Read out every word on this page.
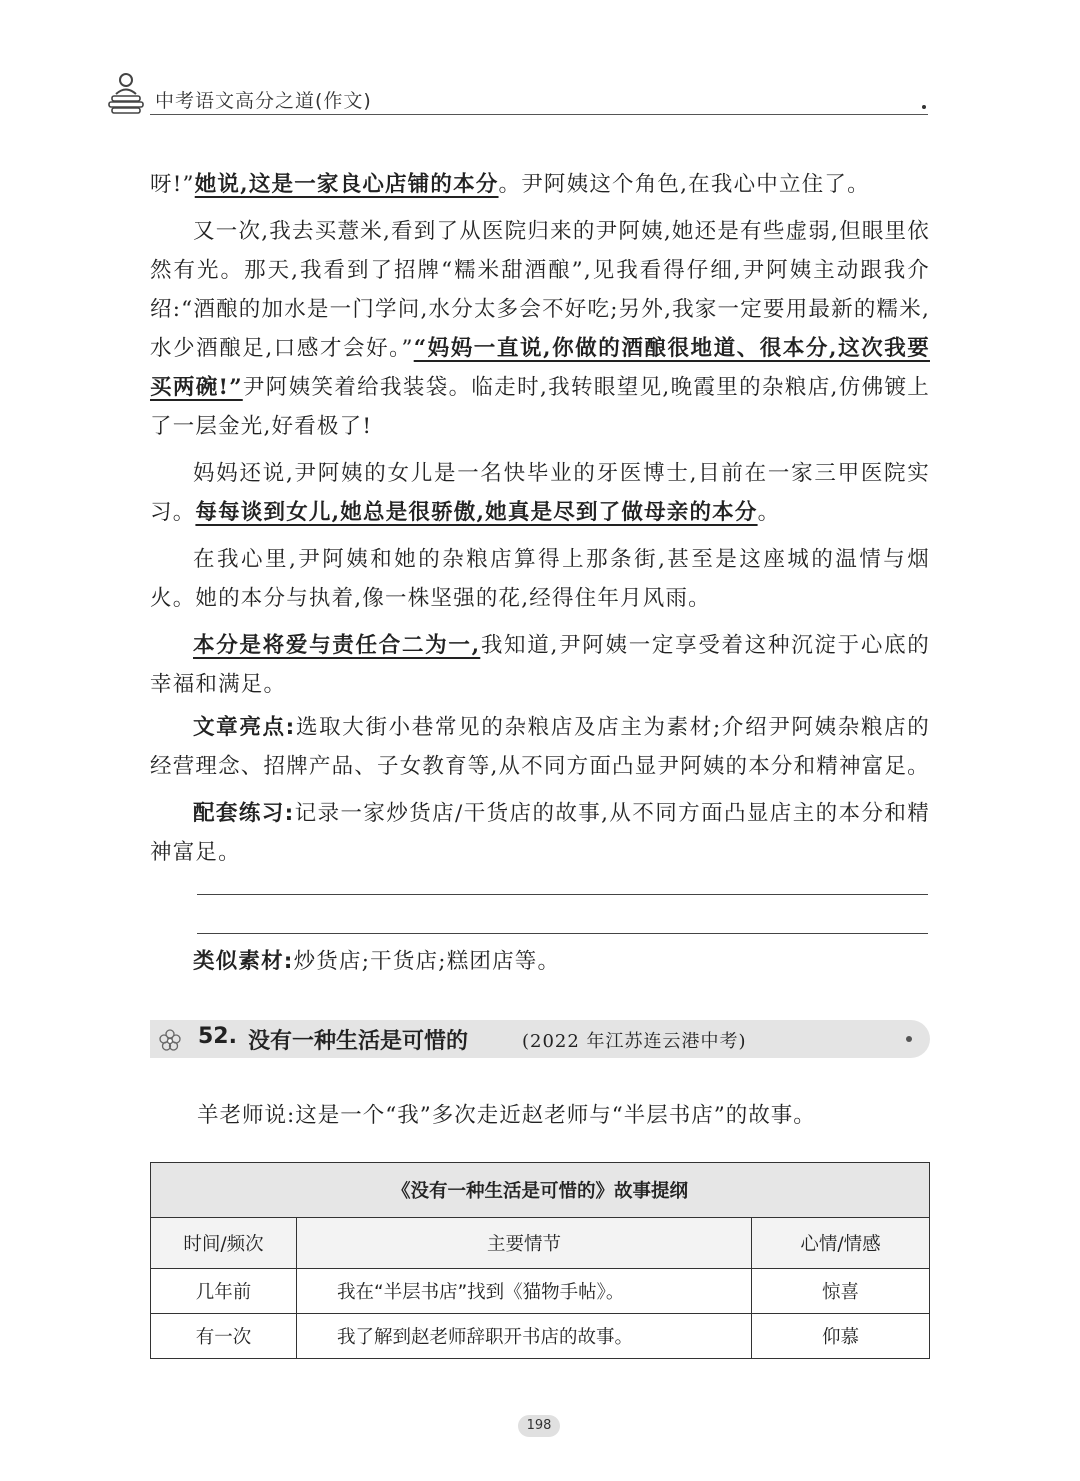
中考语文高分之道(作文)

呀!”她说,这是一家良心店铺的本分。尹阿姨这个角色,在我心中立住了。

又一次,我去买薏米,看到了从医院归来的尹阿姨,她还是有些虚弱,但眼里依然有光。那天,我看到了招牌“糯米甜酒酿”,见我看得仔细,尹阿姨主动跟我介绍:“酒酿的加水是一门学问,水分太多会不好吃;另外,我家一定要用最新的糯米,水少酒酿足,口感才会好。”“妈妈一直说,你做的酒酿很地道、很本分,这次我要买两碗!”尹阿姨笑着给我装袋。临走时,我转眼望见,晚霞里的杂粮店,仿佛镀上了一层金光,好看极了!

妈妈还说,尹阿姨的女儿是一名快毕业的牙医博士,目前在一家三甲医院实习。每每谈到女儿,她总是很骄傲,她真是尽到了做母亲的本分。

在我心里,尹阿姨和她的杂粮店算得上那条街,甚至是这座城的温情与烟火。她的本分与执着,像一株坚强的花,经得住年月风雨。

本分是将爱与责任合二为一,我知道,尹阿姨一定享受着这种沉淀于心底的幸福和满足。

文章亮点:选取大街小巷常见的杂粮店及店主为素材;介绍尹阿姨杂粮店的经营理念、招牌产品、子女教育等,从不同方面凸显尹阿姨的本分和精神富足。

配套练习:记录一家炒货店/干货店的故事,从不同方面凸显店主的本分和精神富足。

类似素材:炒货店;干货店;糕团店等。

52. 没有一种生活是可惜的	(2022 年江苏连云港中考)
羊老师说:这是一个“我”多次走近赵老师与“半层书店”的故事。
《没有一种生活是可惜的》故事提纲		
时间/频次	主要情节	心情/情感
几年前	我在“半层书店”找到《猫物手帖》。	惊喜
有一次	我了解到赵老师辞职开书店的故事。	仰慕
198
